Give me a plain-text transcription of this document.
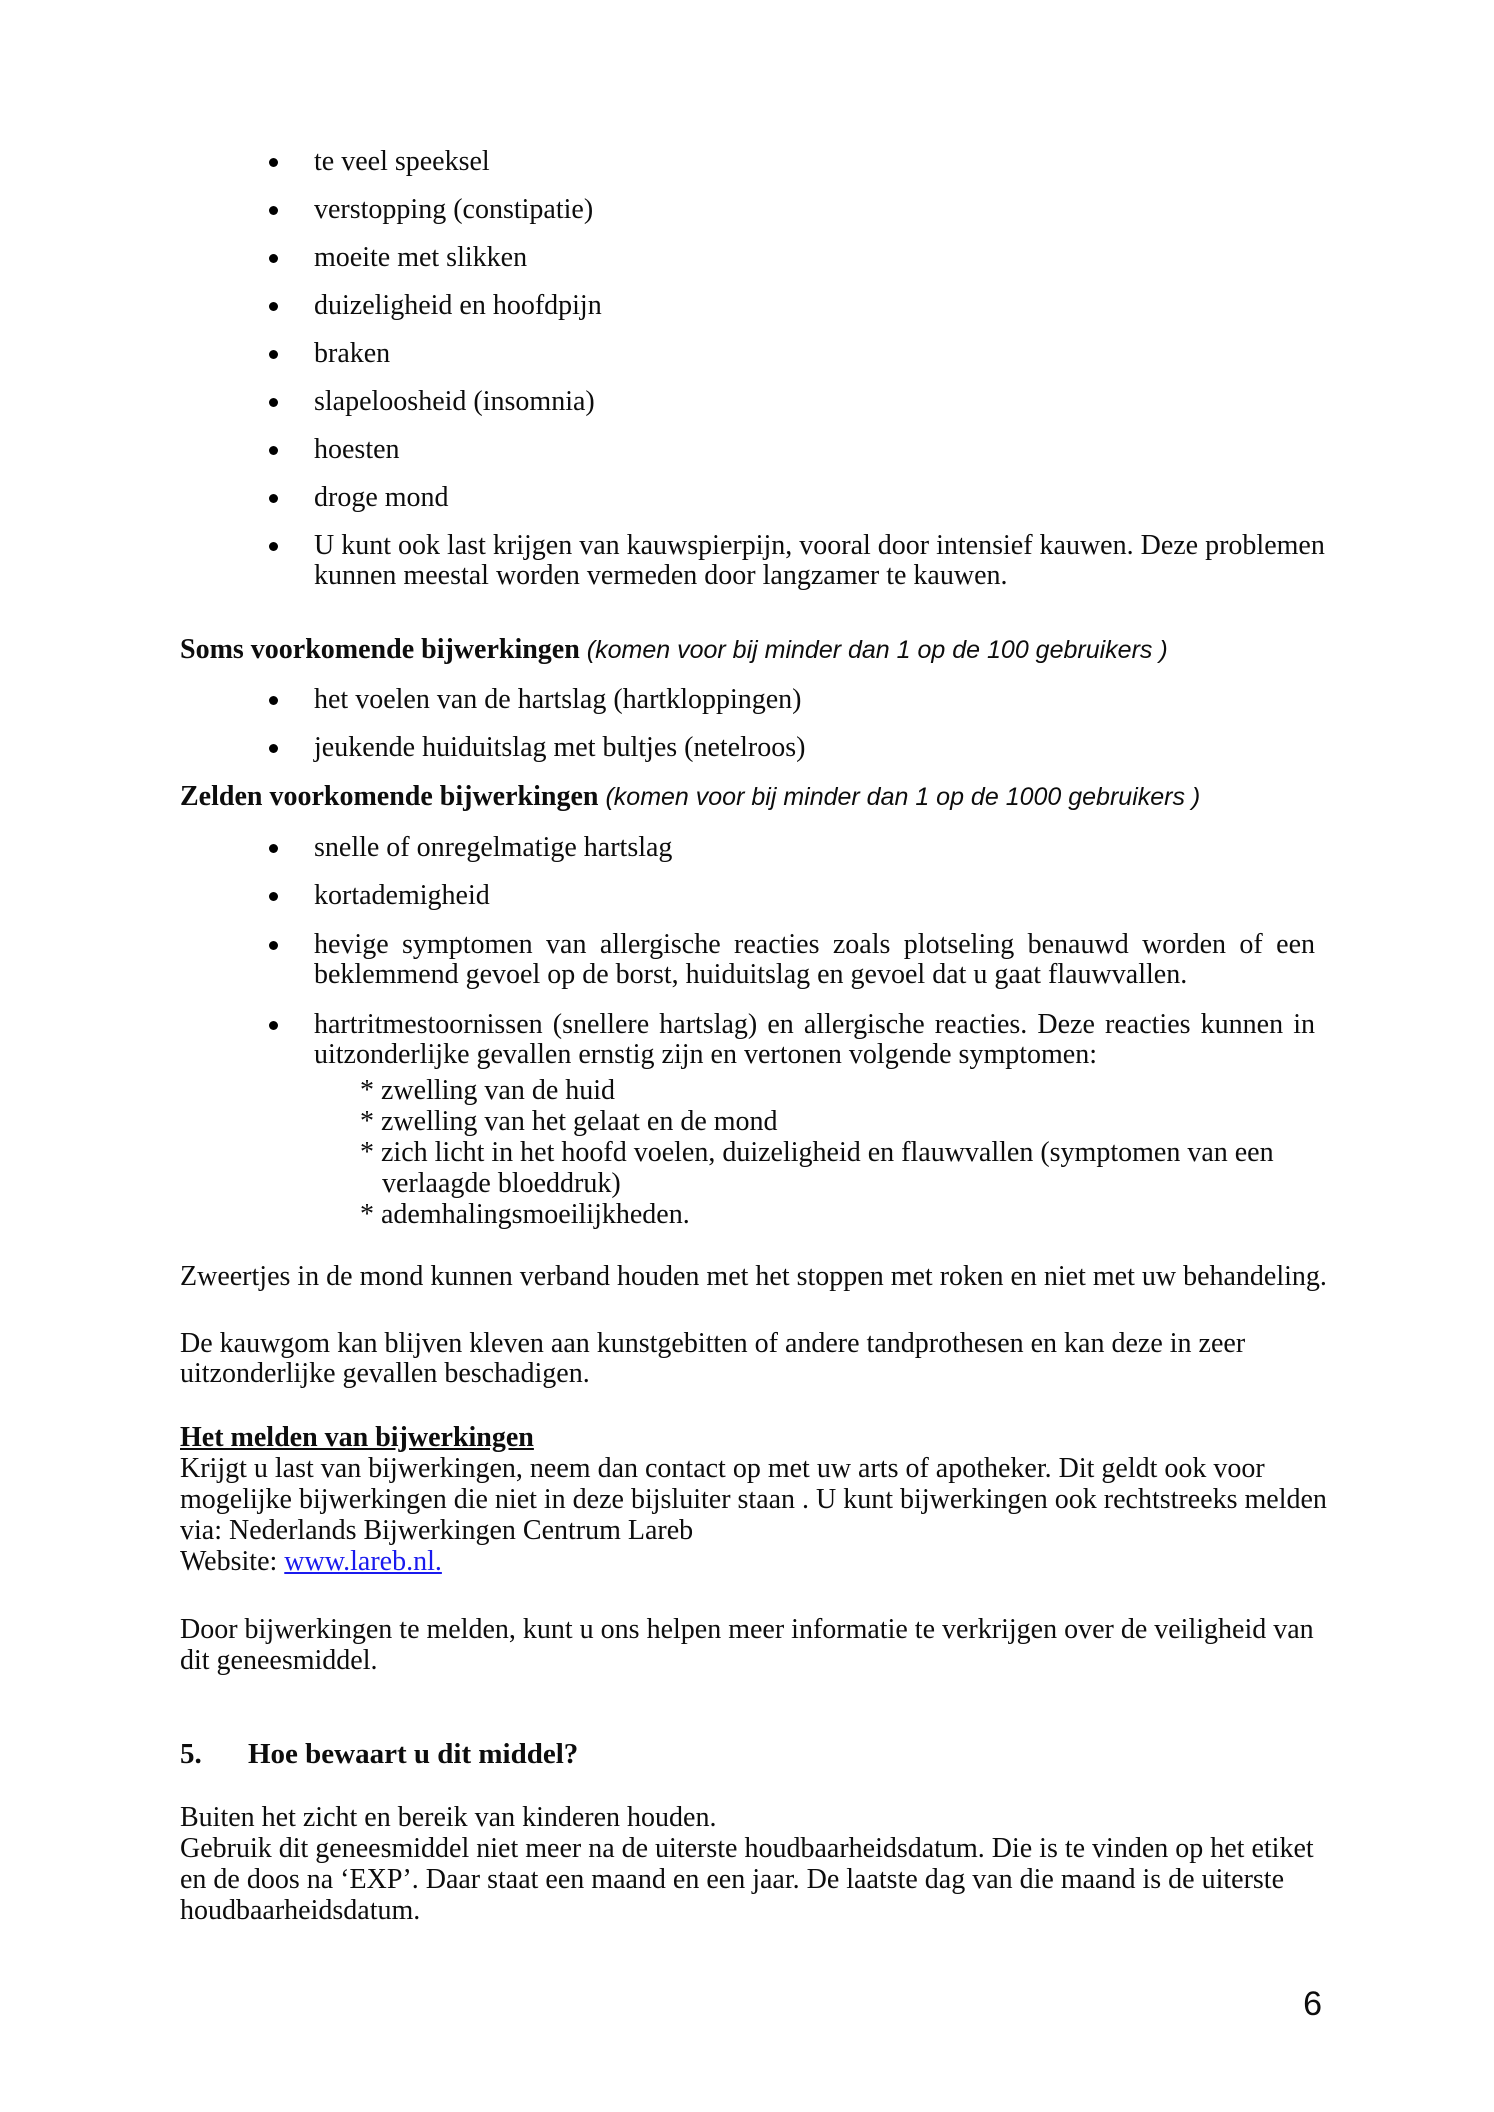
te veel speeksel
verstopping (constipatie)
moeite met slikken
duizeligheid en hoofdpijn
braken
slapeloosheid (insomnia)
hoesten
droge mond
U kunt ook last krijgen van kauwspierpijn, vooral door intensief kauwen. Deze problemen
kunnen meestal worden vermeden door langzamer te kauwen.
Soms voorkomende bijwerkingen (komen voor bij minder dan 1 op de 100 gebruikers )
het voelen van de hartslag (hartkloppingen)
jeukende huiduitslag met bultjes (netelroos)
Zelden voorkomende bijwerkingen (komen voor bij minder dan 1 op de 1000 gebruikers )
snelle of onregelmatige hartslag
kortademigheid
hevige symptomen van allergische reacties zoals plotseling benauwd worden of een
beklemmend gevoel op de borst, huiduitslag en gevoel dat u gaat flauwvallen.
hartritmestoornissen (snellere hartslag) en allergische reacties. Deze reacties kunnen in
uitzonderlijke gevallen ernstig zijn en vertonen volgende symptomen:
* zwelling van de huid
* zwelling van het gelaat en de mond
* zich licht in het hoofd voelen, duizeligheid en flauwvallen (symptomen van een
verlaagde bloeddruk)
* ademhalingsmoeilijkheden.
Zweertjes in de mond kunnen verband houden met het stoppen met roken en niet met uw behandeling.
De kauwgom kan blijven kleven aan kunstgebitten of andere tandprothesen en kan deze in zeer
uitzonderlijke gevallen beschadigen.
Het melden van bijwerkingen
Krijgt u last van bijwerkingen, neem dan contact op met uw arts of apotheker. Dit geldt ook voor
mogelijke bijwerkingen die niet in deze bijsluiter staan . U kunt bijwerkingen ook rechtstreeks melden
via: Nederlands Bijwerkingen Centrum Lareb
Website: www.lareb.nl.
Door bijwerkingen te melden, kunt u ons helpen meer informatie te verkrijgen over de veiligheid van
dit geneesmiddel.
5.	Hoe bewaart u dit middel?
Buiten het zicht en bereik van kinderen houden.
Gebruik dit geneesmiddel niet meer na de uiterste houdbaarheidsdatum. Die is te vinden op het etiket
en de doos na ‘EXP’. Daar staat een maand en een jaar. De laatste dag van die maand is de uiterste
houdbaarheidsdatum.
6
